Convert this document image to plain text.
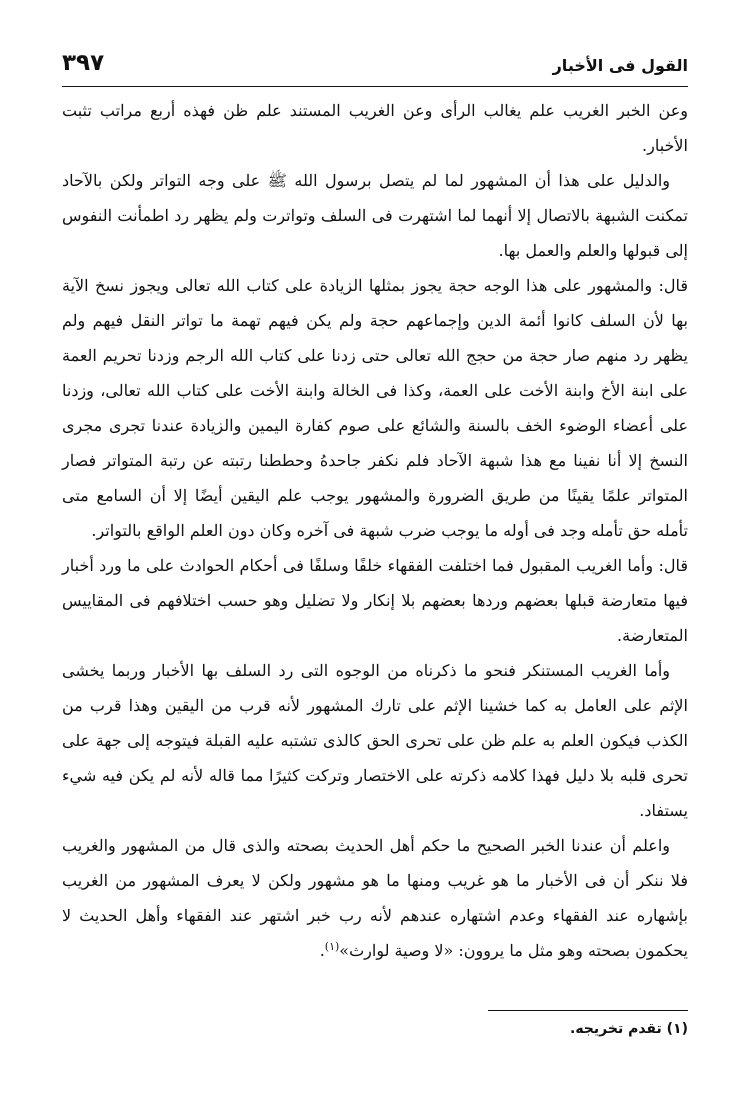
القول فى الأخبار
٣٩٧

وعن الخبر الغريب علم يغالب الرأى وعن الغريب المستند علم ظن فهذه أربع مراتب تثبت الأخبار.

والدليل على هذا أن المشهور لما لم يتصل برسول الله ﷺ على وجه التواتر ولكن بالآحاد تمكنت الشبهة بالاتصال إلا أنهما لما اشتهرت فى السلف وتواترت ولم يظهر رد اطمأنت النفوس إلى قبولها والعلم والعمل بها.

قال: والمشهور على هذا الوجه حجة يجوز بمثلها الزيادة على كتاب الله تعالى ويجوز نسخ الآية بها لأن السلف كانوا أئمة الدين وإجماعهم حجة ولم يكن فيهم تهمة ما تواتر النقل فيهم ولم يظهر رد منهم صار حجة من حجج الله تعالى حتى زدنا على كتاب الله الرجم وزدنا تحريم العمة على ابنة الأخ وابنة الأخت على العمة، وكذا فى الخالة وابنة الأخت على كتاب الله تعالى، وزدنا على أعضاء الوضوء الخف بالسنة والشائع على صوم كفارة اليمين والزيادة عندنا تجرى مجرى النسخ إلا أنا نفينا مع هذا شبهة الآحاد فلم نكفر جاحدهُ وحططنا رتبته عن رتبة المتواتر فصار المتواتر علمًا يقينًا من طريق الضرورة والمشهور يوجب علم اليقين أيضًا إلا أن السامع متى تأمله حق تأمله وجد فى أوله ما يوجب ضرب شبهة فى آخره وكان دون العلم الواقع بالتواتر.

قال: وأما الغريب المقبول فما اختلفت الفقهاء خلفًا وسلفًا فى أحكام الحوادث على ما ورد أخبار فيها متعارضة قبلها بعضهم وردها بعضهم بلا إنكار ولا تضليل وهو حسب اختلافهم فى المقاييس المتعارضة.

وأما الغريب المستنكر فنحو ما ذكرناه من الوجوه التى رد السلف بها الأخبار وربما يخشى الإثم على العامل به كما خشينا الإثم على تارك المشهور لأنه قرب من اليقين وهذا قرب من الكذب فيكون العلم به علم ظن على تحرى الحق كالذى تشتبه عليه القبلة فيتوجه إلى جهة على تحرى قلبه بلا دليل فهذا كلامه ذكرته على الاختصار وتركت كثيرًا مما قاله لأنه لم يكن فيه شيء يستفاد.

واعلم أن عندنا الخبر الصحيح ما حكم أهل الحديث بصحته والذى قال من المشهور والغريب فلا ننكر أن فى الأخبار ما هو غريب ومنها ما هو مشهور ولكن لا يعرف المشهور من الغريب بإشهاره عند الفقهاء وعدم اشتهاره عندهم لأنه رب خبر اشتهر عند الفقهاء وأهل الحديث لا يحكمون بصحته وهو مثل ما يروون: «لا وصية لوارث»$^{(١)}$.

(١) تقدم تخريجه.
